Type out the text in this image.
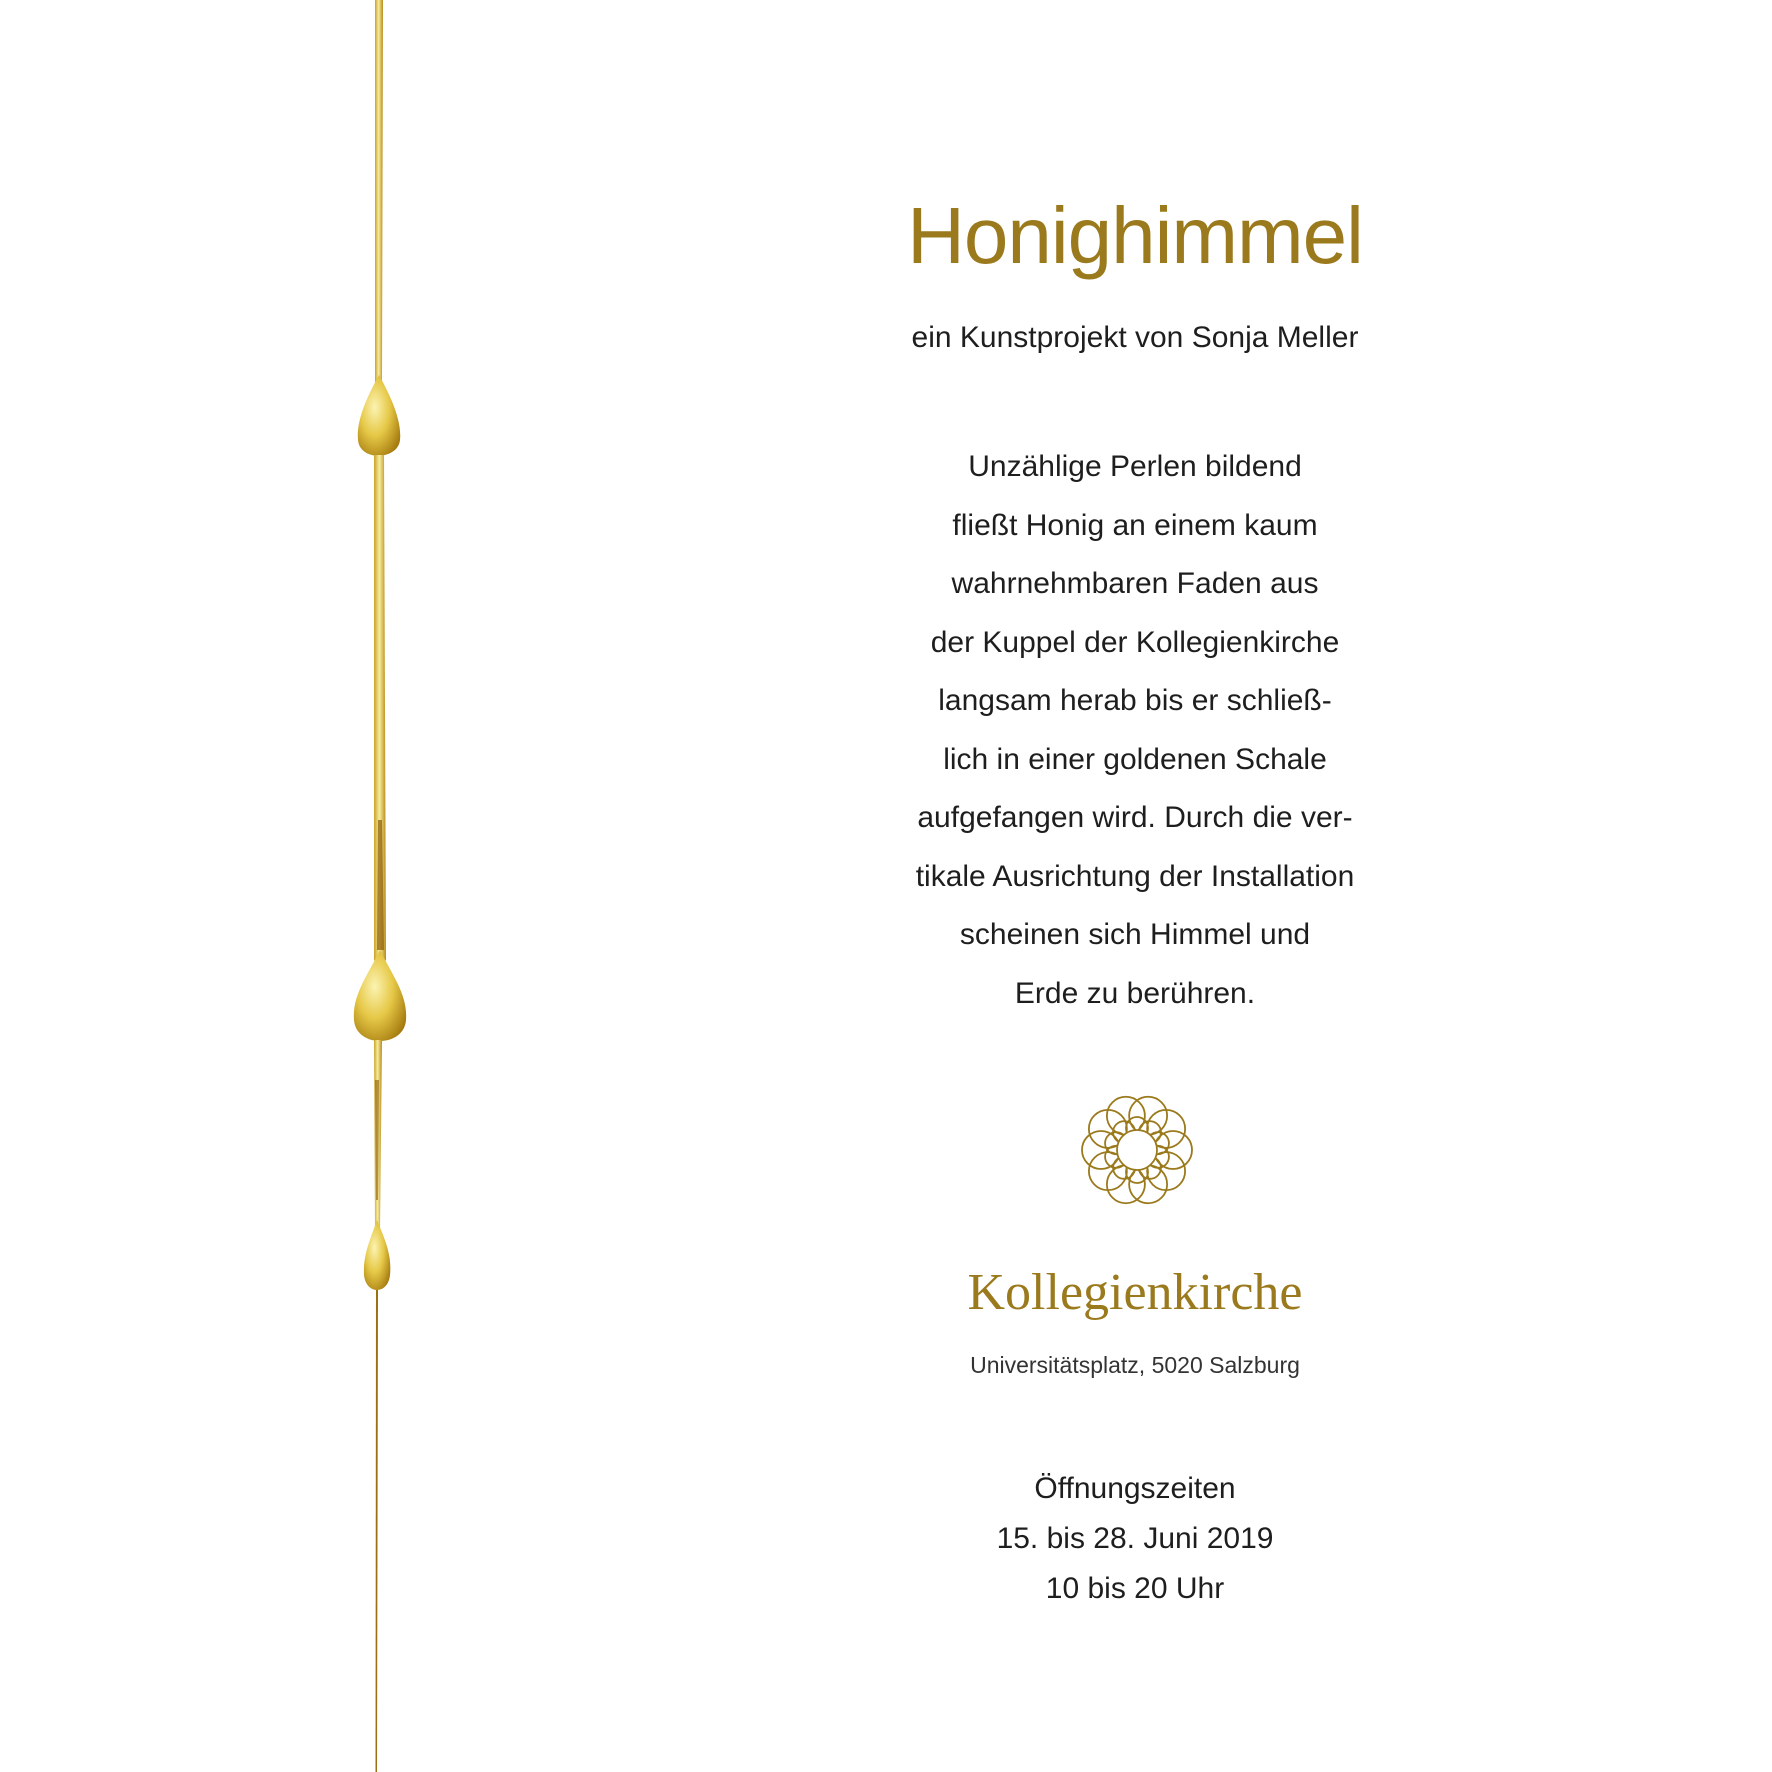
Honighimmel
ein Kunstprojekt von Sonja Meller
Unzählige Perlen bildend
fließt Honig an einem kaum
wahrnehmbaren Faden aus
der Kuppel der Kollegienkirche
langsam herab bis er schließ-
lich in einer goldenen Schale
aufgefangen wird. Durch die ver-
tikale Ausrichtung der Installation
scheinen sich Himmel und
Erde zu berühren.
Kollegienkirche
Universitätsplatz, 5020 Salzburg
Öffnungszeiten
15. bis 28. Juni 2019
10 bis 20 Uhr
